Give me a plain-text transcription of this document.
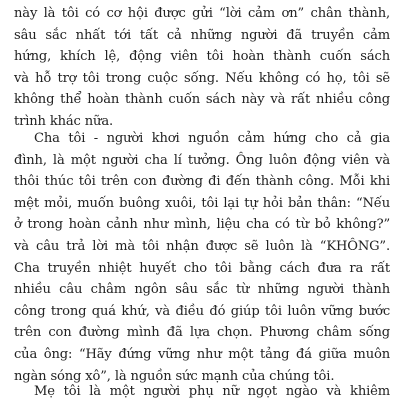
này là tôi có cơ hội được gửi “lời cảm ơn” chân thành,
sâu sắc nhất tới tất cả những người đã truyền cảm
hứng, khích lệ, động viên tôi hoàn thành cuốn sách
và hỗ trợ tôi trong cuộc sống. Nếu không có họ, tôi sẽ
không thể hoàn thành cuốn sách này và rất nhiều công
trình khác nữa.

Cha tôi - người khơi nguồn cảm hứng cho cả gia
đình, là một người cha lí tưởng. Ông luôn động viên và
thôi thúc tôi trên con đường đi đến thành công. Mỗi khi
mệt mỏi, muốn buông xuôi, tôi lại tự hỏi bản thân: “Nếu
ở trong hoàn cảnh như mình, liệu cha có từ bỏ không?”
và câu trả lời mà tôi nhận được sẽ luôn là “KHÔNG”.
Cha truyền nhiệt huyết cho tôi bằng cách đưa ra rất
nhiều câu châm ngôn sâu sắc từ những người thành
công trong quá khứ, và điều đó giúp tôi luôn vững bước
trên con đường mình đã lựa chọn. Phương châm sống
của ông: “Hãy đứng vững như một tảng đá giữa muôn
ngàn sóng xô”, là nguồn sức mạnh của chúng tôi.

Mẹ tôi là một người phụ nữ ngọt ngào và khiêm
